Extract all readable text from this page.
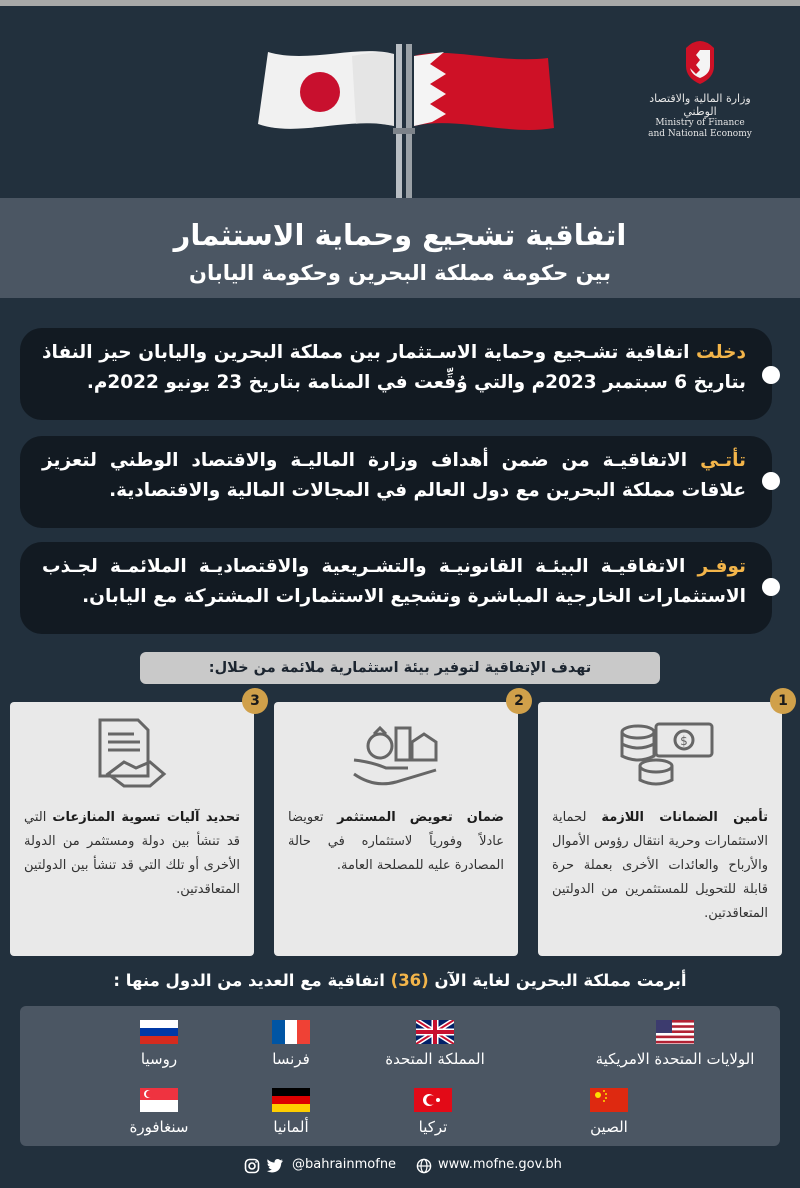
وزارة المالية والاقتصاد الوطني
Ministry of Finance
and National Economy
اتفاقية تشجيع وحماية الاستثمار
بين حكومة مملكة البحرين وحكومة اليابان
دخلت اتفاقية تشـجيع وحماية الاسـتثمار بين مملكة البحرين واليابان حيز النفاذ بتاريخ 6 سبتمبر 2023م والتي وُقِّعت في المنامة بتاريخ 23 يونيو 2022م.
تأتـي الاتفاقيـة من ضمن أهداف وزارة الماليـة والاقتصاد الوطني لتعزيز علاقات مملكة البحرين مع دول العالم في المجالات المالية والاقتصادية.
توفـر الاتفاقيـة البيئـة القانونيـة والتشـريعية والاقتصاديـة الملائمـة لجـذب الاستثمارات الخارجية المباشرة وتشجيع الاستثمارات المشتركة مع اليابان.
تهدف الإتفاقية لتوفير بيئة استثمارية ملائمة من خلال:
$
تأمين الضمانات اللازمة لحماية الاستثمارات وحرية انتقال رؤوس الأموال والأرباح والعائدات الأخرى بعملة حرة قابلة للتحويل للمستثمرين من الدولتين المتعاقدتين.
1
ضمان تعويض المستثمر تعويضا عادلاً وفورياً لاستثماره في حالة المصادرة عليه للمصلحة العامة.
2
تحديد آليات تسوية المنازعات التي قد تنشأ بين دولة ومستثمر من الدولة الأخرى أو تلك التي قد تنشأ بين الدولتين المتعاقدتين.
3
أبرمت مملكة البحرين لغاية الآن (36) اتفاقية مع العديد من الدول منها :
الولايات المتحدة الامريكية
المملكة المتحدة
فرنسا
روسيا
الصين
تركيا
ألمانيا
سنغافورة
@bahrainmofne	www.mofne.gov.bh
